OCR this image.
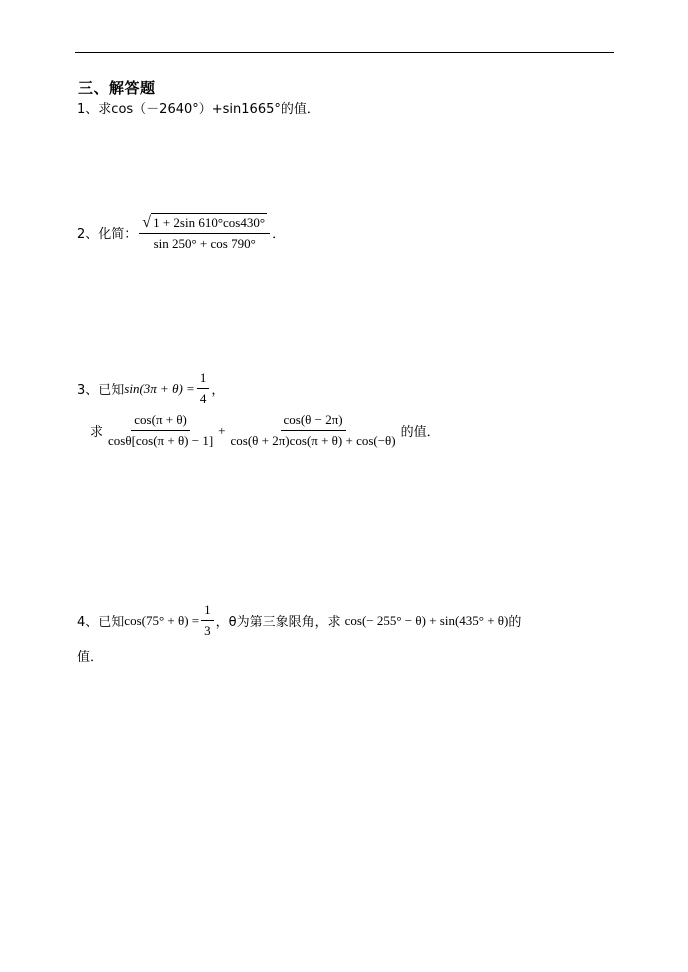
三、解答题
1、 求 cos（－2640°）+sin1665° 的值．
2、 化简： $\frac{√ 1 + 2\sin 610^\circ\cos 430^\circ}{\sin 250^\circ + \cos 790^\circ}$ ．
3、 已知 $\sin(3\pi + \theta) = \frac{1}{4}$ ，
求 $\frac{\cos(\pi + \theta)}{\cos\theta[\cos(\pi + \theta) - 1]} + \frac{\cos(\theta - 2\pi)}{\cos(\theta + 2\pi)\cos(\pi + \theta) + \cos(-\theta)}$ 的值．
4、 已知 $\cos(75^\circ + \theta) = \frac{1}{3}$ ， θ为第三象限角，求 cos(− 255° − θ) + sin(435° + θ) 的
值．
